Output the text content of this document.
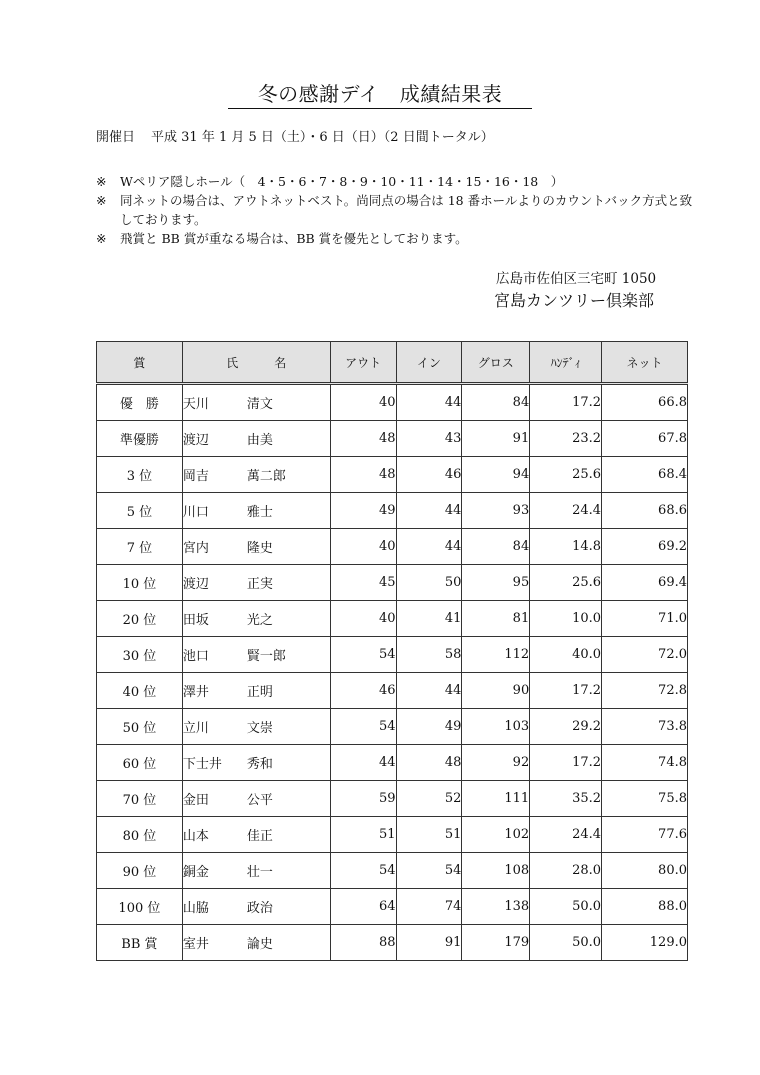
冬の感謝デイ　成績結果表
開催日 平成 31 年 1 月 5 日（土）・6 日（日）（2 日間トータル）
※	Wペリア隠しホール（　4・5・6・7・8・9・10・11・14・15・16・18　）
※	同ネットの場合は、アウトネットベスト。尚同点の場合は 18 番ホールよりのカウントバック方式と致しております。
※	飛賞と BB 賞が重なる場合は、BB 賞を優先としております。
広島市佐伯区三宅町 1050
宮島カンツリー倶楽部
賞	氏　　　名	アウト	イン	グロス	ﾊﾝﾃﾞｨ	ネット
優　勝	天川 清文	40	44	84	17.2	66.8
準優勝	渡辺 由美	48	43	91	23.2	67.8
3 位	岡吉 萬二郎	48	46	94	25.6	68.4
5 位	川口 雅士	49	44	93	24.4	68.6
7 位	宮内 隆史	40	44	84	14.8	69.2
10 位	渡辺 正実	45	50	95	25.6	69.4
20 位	田坂 光之	40	41	81	10.0	71.0
30 位	池口 賢一郎	54	58	112	40.0	72.0
40 位	澤井 正明	46	44	90	17.2	72.8
50 位	立川 文崇	54	49	103	29.2	73.8
60 位	下士井 秀和	44	48	92	17.2	74.8
70 位	金田 公平	59	52	111	35.2	75.8
80 位	山本 佳正	51	51	102	24.4	77.6
90 位	銅金 壮一	54	54	108	28.0	80.0
100 位	山脇 政治	64	74	138	50.0	88.0
BB 賞	室井 論史	88	91	179	50.0	129.0
